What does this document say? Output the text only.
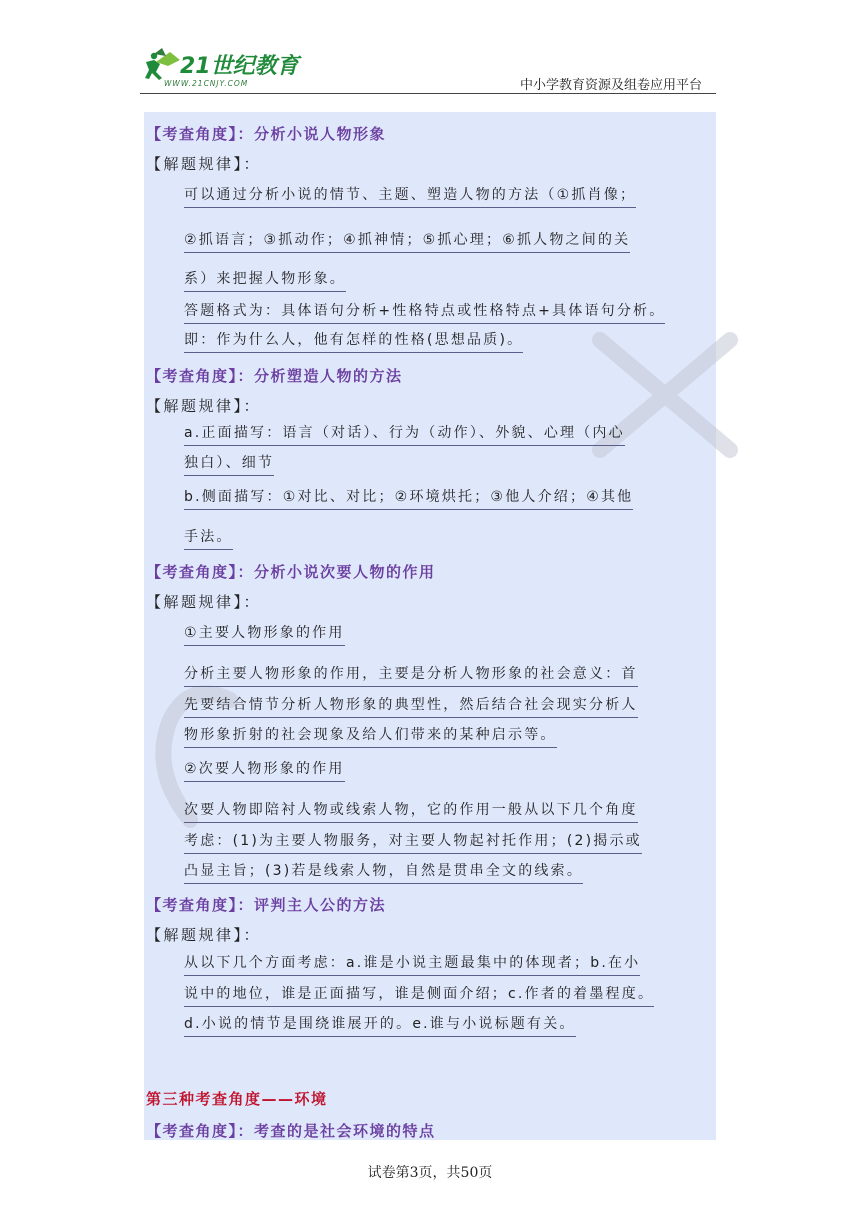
21世纪教育
WWW.21CNJY.COM	中小学教育资源及组卷应用平台
【考查角度】：分析小说人物形象
【解题规律】：
可以通过分析小说的情节、主题、塑造人物的方法（①抓肖像；
②抓语言；③抓动作；④抓神情；⑤抓心理；⑥抓人物之间的关
系）来把握人物形象。
答题格式为：具体语句分析+性格特点或性格特点+具体语句分析。
即：作为什么人，他有怎样的性格(思想品质)。
【考查角度】：分析塑造人物的方法
【解题规律】：
a.正面描写：语言（对话）、行为（动作）、外貌、心理（内心
独白）、细节
b.侧面描写：①对比、对比；②环境烘托；③他人介绍；④其他
手法。
【考查角度】：分析小说次要人物的作用
【解题规律】：
①主要人物形象的作用
分析主要人物形象的作用，主要是分析人物形象的社会意义：首
先要结合情节分析人物形象的典型性，然后结合社会现实分析人
物形象折射的社会现象及给人们带来的某种启示等。
②次要人物形象的作用
次要人物即陪衬人物或线索人物，它的作用一般从以下几个角度
考虑：(1)为主要人物服务，对主要人物起衬托作用；(2)揭示或
凸显主旨；(3)若是线索人物，自然是贯串全文的线索。
【考查角度】：评判主人公的方法
【解题规律】：
从以下几个方面考虑：a.谁是小说主题最集中的体现者；b.在小
说中的地位，谁是正面描写，谁是侧面介绍；c.作者的着墨程度。
d.小说的情节是围绕谁展开的。e.谁与小说标题有关。
第三种考查角度——环境
【考查角度】：考查的是社会环境的特点
试卷第3页，共50页
